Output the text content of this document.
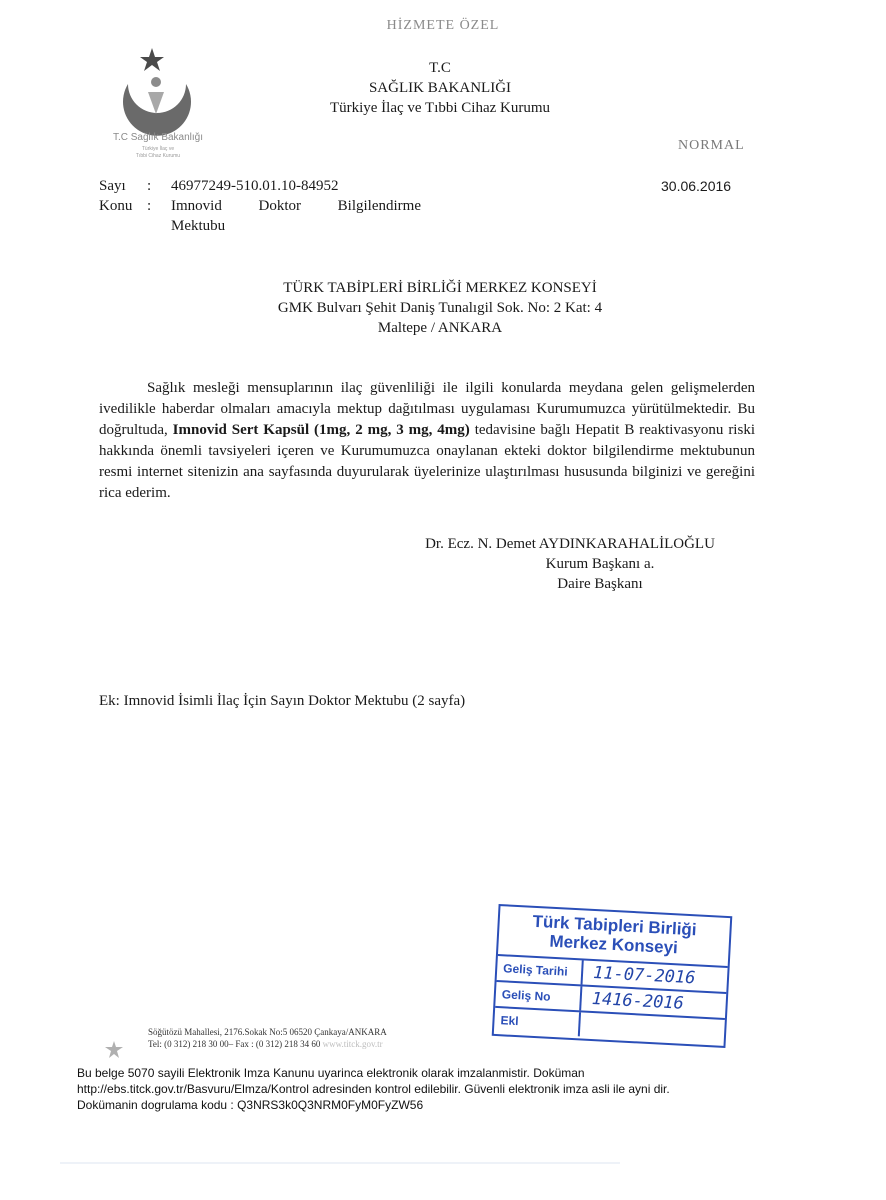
HİZMETE ÖZEL
T.C Sağlık Bakanlığı
Türkiye İlaç ve
Tıbbi Cihaz Kurumu
T.C
SAĞLIK BAKANLIĞI
Türkiye İlaç ve Tıbbi Cihaz Kurumu
NORMAL
Sayı	:	46977249-510.01.10-84952
Konu :	Imnovid Doktor Bilgilendirme
Mektubu
30.06.2016
TÜRK TABİPLERİ BİRLİĞİ MERKEZ KONSEYİ
GMK Bulvarı Şehit Daniş Tunalıgil Sok. No: 2 Kat: 4
Maltepe / ANKARA

Sağlık mesleği mensuplarının ilaç güvenliliği ile ilgili konularda meydana gelen gelişmelerden ivedilikle haberdar olmaları amacıyla mektup dağıtılması uygulaması Kurumumuzca yürütülmektedir. Bu doğrultuda, Imnovid Sert Kapsül (1mg, 2 mg, 3 mg, 4mg) tedavisine bağlı Hepatit B reaktivasyonu riski hakkında önemli tavsiyeleri içeren ve Kurumumuzca onaylanan ekteki doktor bilgilendirme mektubunun resmi internet sitenizin ana sayfasında duyurularak üyelerinize ulaştırılması hususunda bilginizi ve gereğini rica ederim.

Dr. Ecz. N. Demet AYDINKARAHALİLOĞLU
Kurum Başkanı a.
Daire Başkanı
Ek: Imnovid İsimli İlaç İçin Sayın Doktor Mektubu (2 sayfa)
Türk Tabipleri Birliği
Merkez Konseyi
Geliş Tarihi	11-07-2016
Geliş No	1416-2016
Ekl
Söğütözü Mahallesi, 2176.Sokak No:5 06520 Çankaya/ANKARA
Tel: (0 312) 218 30 00– Fax : (0 312) 218 34 60 www.titck.gov.tr
Bu belge 5070 sayili Elektronik Imza Kanunu uyarinca elektronik olarak imzalanmistir. Doküman
http://ebs.titck.gov.tr/Basvuru/Elmza/Kontrol adresinden kontrol edilebilir. Güvenli elektronik imza asli ile ayni dir.
Dokümanin dogrulama kodu : Q3NRS3k0Q3NRM0FyM0FyZW56
